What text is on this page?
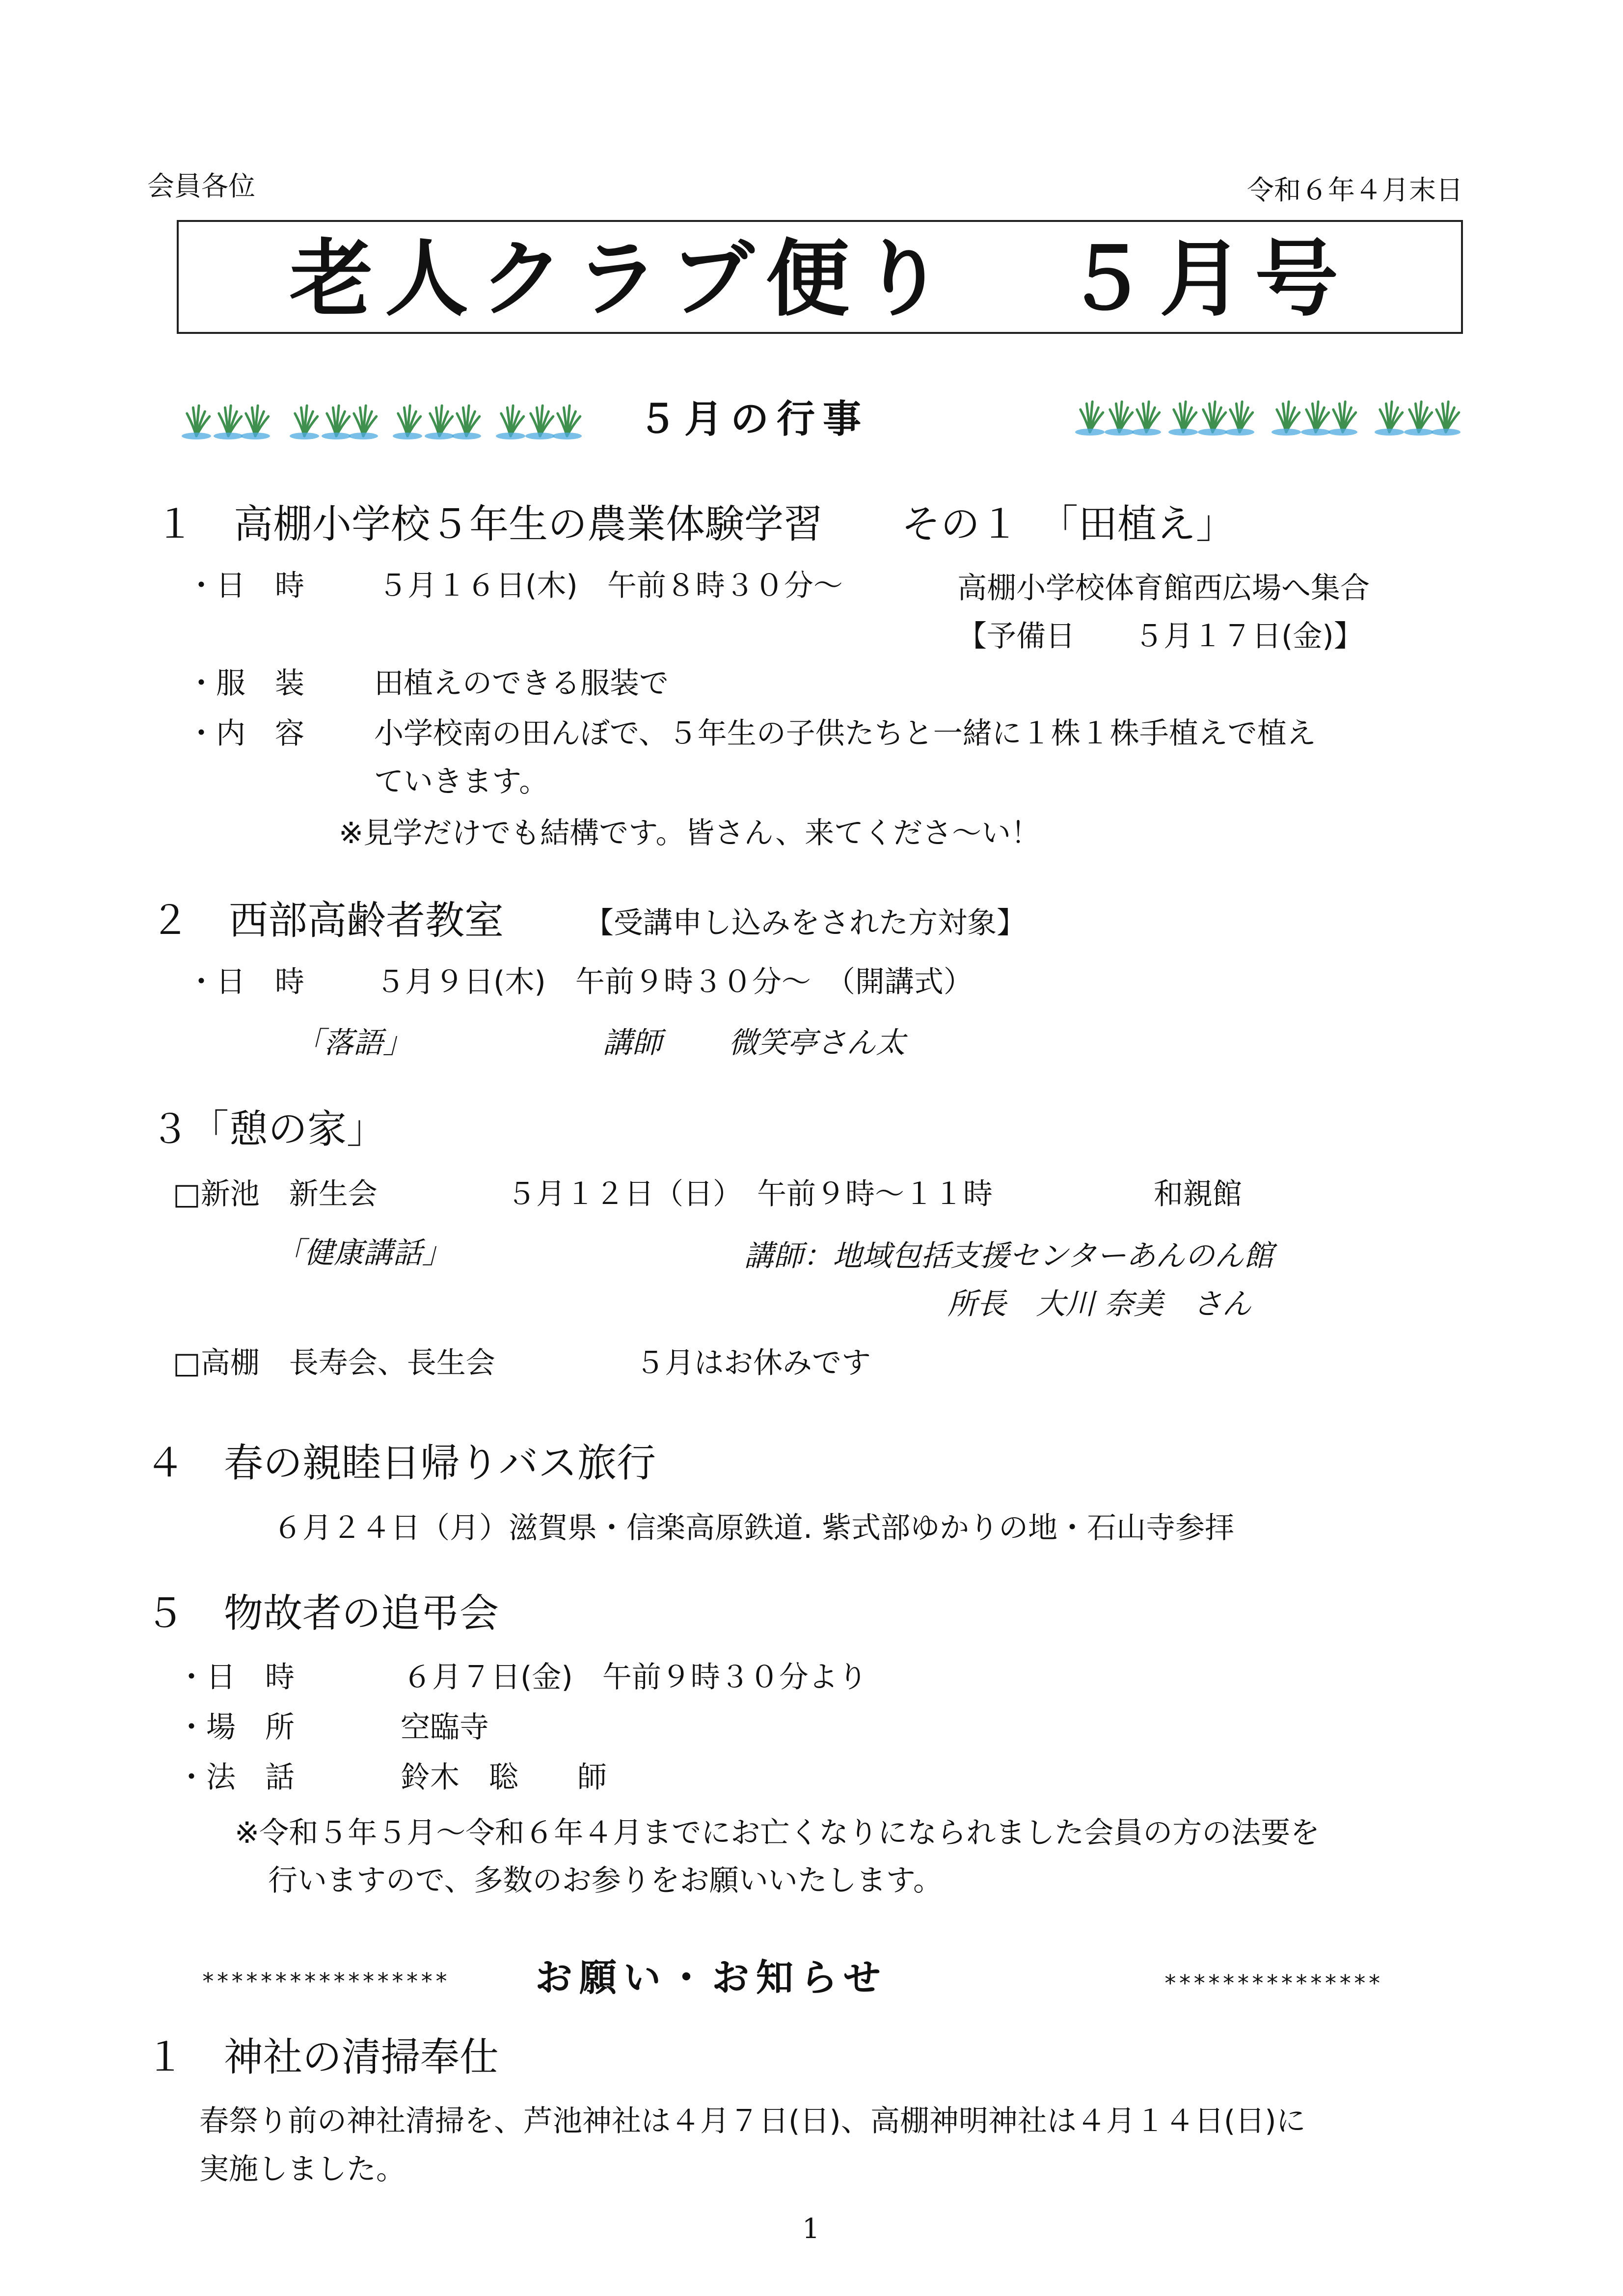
会員各位	令和６年４月末日
老人クラブ便り ５月号
５月の行事
１　高棚小学校５年生の農業体験学習　　その１　「田植え」
・日　時	５月１６日(木)　午前８時３０分～	高棚小学校体育館西広場へ集合
【予備日　　５月１７日(金)】
・服　装 田植えのできる服装で
・内　容 小学校南の田んぼで、５年生の子供たちと一緒に１株１株手植えで植え
ていきます。
※見学だけでも結構です。皆さん、来てくださ～い！
２　西部高齢者教室	【受講申し込みをされた方対象】
・日　時 ５月９日(木)　午前９時３０分～　（開講式）
「落語」	講師 微笑亭さん太
３「憩の家」
□新池　新生会	５月１２日（日）　午前９時～１１時	和親館
「健康講話」	講師：地域包括支援センターあんのん館
所長　大川 奈美　さん
□高棚　長寿会、長生会	５月はお休みです
４　春の親睦日帰りバス旅行
６月２４日（月）滋賀県・信楽高原鉄道. 紫式部ゆかりの地・石山寺参拝
５　物故者の追弔会
・日　時	６月７日(金)　午前９時３０分より
・場　所	空臨寺
・法　話	鈴木　聡　　師
※令和５年５月～令和６年４月までにお亡くなりになられました会員の方の法要を
行いますので、多数のお参りをお願いいたします。
***************** お願い・お知らせ	***************
１　神社の清掃奉仕
春祭り前の神社清掃を、芦池神社は４月７日(日)、高棚神明神社は４月１４日(日)に
実施しました。
1
